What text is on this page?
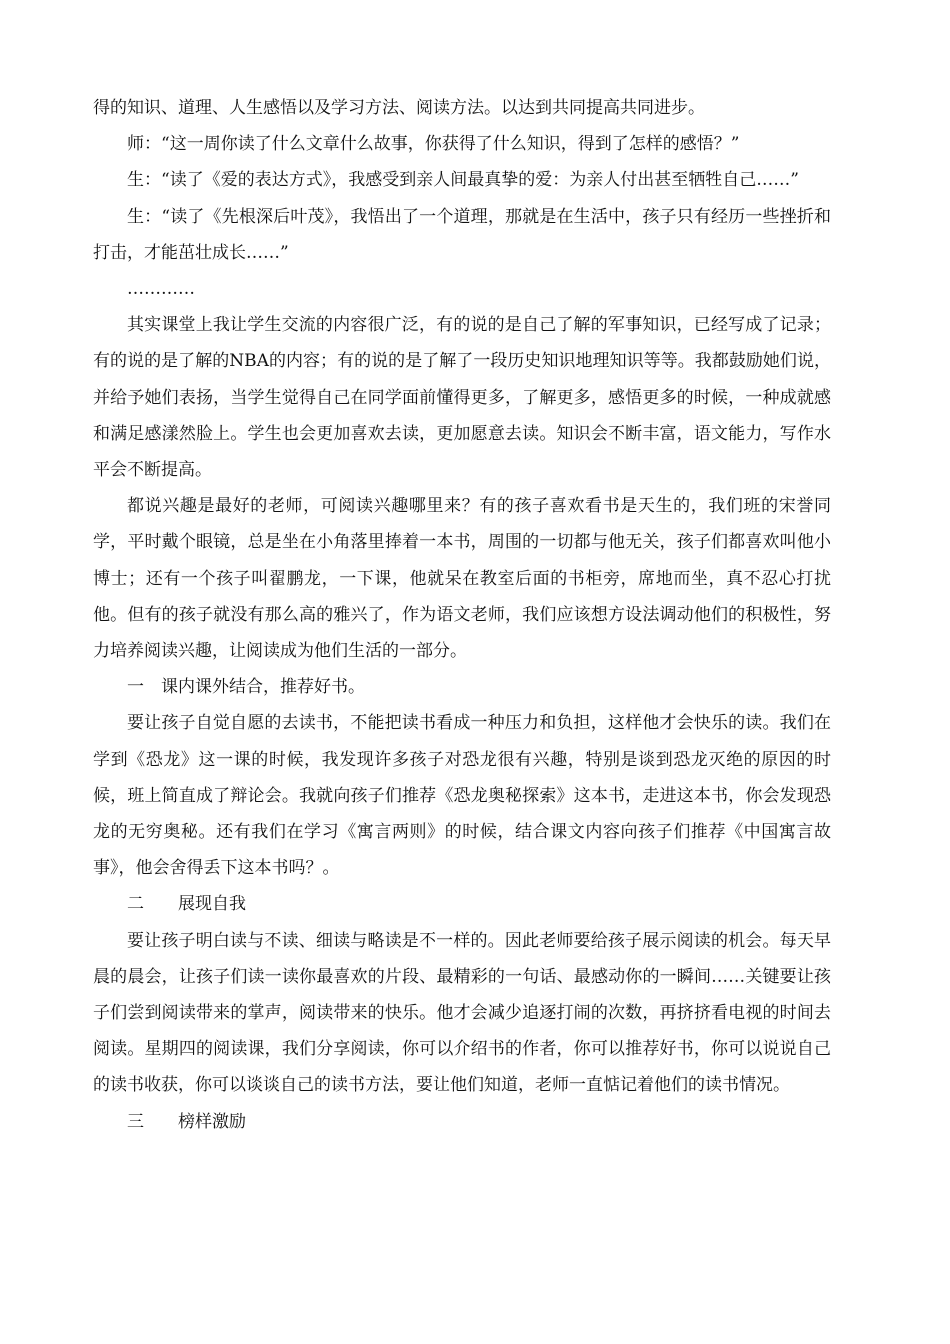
得的知识、道理、人生感悟以及学习方法、阅读方法。以达到共同提高共同进步。

师：“这一周你读了什么文章什么故事，你获得了什么知识，得到了怎样的感悟？”

生：“读了《爱的表达方式》，我感受到亲人间最真挚的爱：为亲人付出甚至牺牲自己……”

生：“读了《先根深后叶茂》，我悟出了一个道理，那就是在生活中，孩子只有经历一些挫折和打击，才能茁壮成长……”

…………

其实课堂上我让学生交流的内容很广泛，有的说的是自己了解的军事知识，已经写成了记录；有的说的是了解的NBA的内容；有的说的是了解了一段历史知识地理知识等等。我都鼓励她们说，并给予她们表扬，当学生觉得自己在同学面前懂得更多，了解更多，感悟更多的时候，一种成就感和满足感漾然脸上。学生也会更加喜欢去读，更加愿意去读。知识会不断丰富，语文能力，写作水平会不断提高。

都说兴趣是最好的老师，可阅读兴趣哪里来？有的孩子喜欢看书是天生的，我们班的宋誉同学，平时戴个眼镜，总是坐在小角落里捧着一本书，周围的一切都与他无关，孩子们都喜欢叫他小博士；还有一个孩子叫翟鹏龙，一下课，他就呆在教室后面的书柜旁，席地而坐，真不忍心打扰他。但有的孩子就没有那么高的雅兴了，作为语文老师，我们应该想方设法调动他们的积极性，努力培养阅读兴趣，让阅读成为他们生活的一部分。

一　课内课外结合，推荐好书。

要让孩子自觉自愿的去读书，不能把读书看成一种压力和负担，这样他才会快乐的读。我们在学到《恐龙》这一课的时候，我发现许多孩子对恐龙很有兴趣，特别是谈到恐龙灭绝的原因的时候，班上简直成了辩论会。我就向孩子们推荐《恐龙奥秘探索》这本书，走进这本书，你会发现恐龙的无穷奥秘。还有我们在学习《寓言两则》的时候，结合课文内容向孩子们推荐《中国寓言故事》，他会舍得丢下这本书吗？。

二　　展现自我

要让孩子明白读与不读、细读与略读是不一样的。因此老师要给孩子展示阅读的机会。每天早晨的晨会，让孩子们读一读你最喜欢的片段、最精彩的一句话、最感动你的一瞬间……关键要让孩子们尝到阅读带来的掌声，阅读带来的快乐。他才会减少追逐打闹的次数，再挤挤看电视的时间去阅读。星期四的阅读课，我们分享阅读，你可以介绍书的作者，你可以推荐好书，你可以说说自己的读书收获，你可以谈谈自己的读书方法，要让他们知道，老师一直惦记着他们的读书情况。

三　　榜样激励
